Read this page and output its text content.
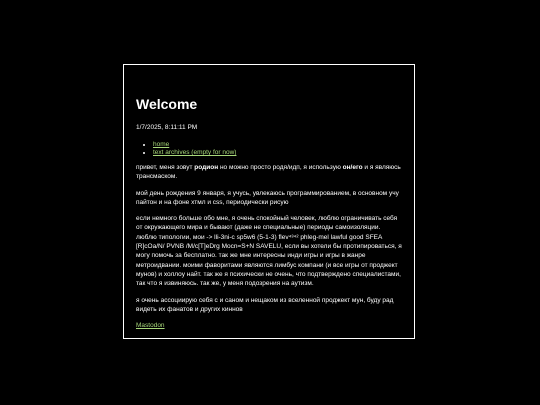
Welcome
1/7/2025, 8:11:11 PM
• home
• text archives (empty for now)

привет, меня зовут родион но можно просто родя/идп, я использую он/его и я являюсь трансмаском.

мой день рождения 9 января, я учусь, увлекаюсь программированием, в основном учу пайтон и на фоне хтмл и css, периодически рисую

если немного больше обо мне, я очень спокойный человек, люблю ограничивать себя от окружающего мира и бывают (даже не специальные) периоды самоизоляции. люблю типологии, мои -> lli-3ni-c sp5w6 (5-1-3) flev⁴³⁴² phleg-mel lawful good SFEA [R]cOa/N/ PVNB /M/c[T]eDrg Mocn=S+N SAVELU, если вы хотели бы протипироваться, я могу помочь за бесплатно. так же мне интересны инди игры и игры в жанре метроидвании. моими фаворитами являются лимбус компани (и все игры от проджект мунов) и холлоу найт. так же я психически не очень, что подтверждено специалистами, так что я извиняюсь. так же, у меня подозрения на аутизм.

я очень ассоциирую себя с и саном и нещаком из вселенной проджект мун, буду рад видеть их фанатов и других киннов

Mastodon
